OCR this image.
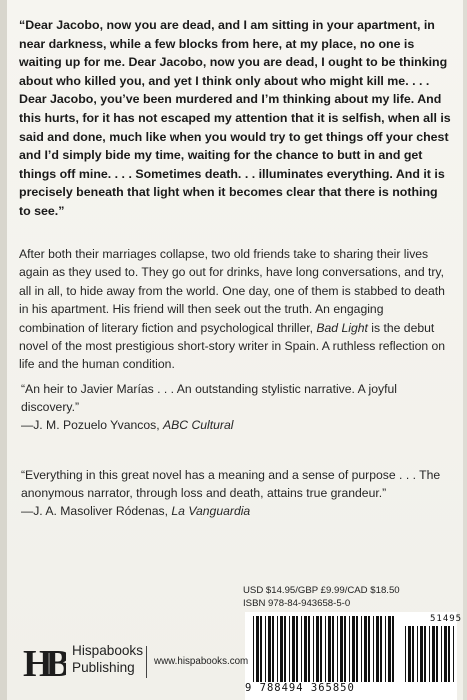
“Dear Jacobo, now you are dead, and I am sitting in your apartment, in near darkness, while a few blocks from here, at my place, no one is waiting up for me. Dear Jacobo, now you are dead, I ought to be thinking about who killed you, and yet I think only about who might kill me. . . . Dear Jacobo, you’ve been murdered and I’m thinking about my life. And this hurts, for it has not escaped my attention that it is selfish, when all is said and done, much like when you would try to get things off your chest and I’d simply bide my time, waiting for the chance to butt in and get things off mine. . . . Sometimes death. . . illuminates everything. And it is precisely beneath that light when it becomes clear that there is nothing to see.”

After both their marriages collapse, two old friends take to sharing their lives again as they used to. They go out for drinks, have long conversations, and try, all in all, to hide away from the world. One day, one of them is stabbed to death in his apartment. His friend will then seek out the truth. An engaging combination of literary fiction and psychological thriller, Bad Light is the debut novel of the most prestigious short-story writer in Spain. A ruthless reflection on life and the human condition.

“An heir to Javier Marías . . . An outstanding stylistic narrative. A joyful discovery.”

—J. M. Pozuelo Yvancos, ABC Cultural

“Everything in this great novel has a meaning and a sense of purpose . . . The anonymous narrator, through loss and death, attains true grandeur.”

—J. A. Masoliver Ródenas, La Vanguardia

USD $14.95/GBP £9.99/CAD $18.50
ISBN 978-84-943658-5-0
51495
9 788494 365850
HB Hispabooks
Publishing	www.hispabooks.com
